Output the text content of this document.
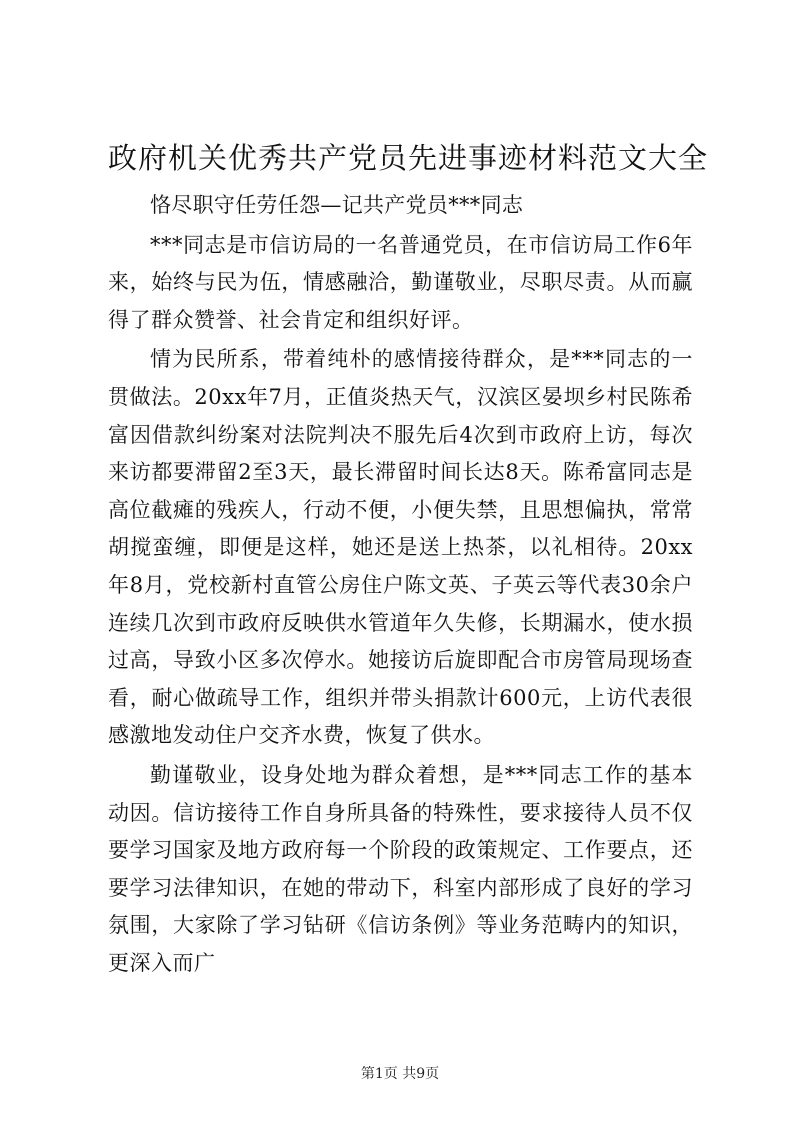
政府机关优秀共产党员先进事迹材料范文大全

恪尽职守任劳任怨—记共产党员***同志

***同志是市信访局的一名普通党员，在市信访局工作6年来，始终与民为伍，情感融洽，勤谨敬业，尽职尽责。从而赢得了群众赞誉、社会肯定和组织好评。

情为民所系，带着纯朴的感情接待群众，是***同志的一贯做法。20xx年7月，正值炎热天气，汉滨区晏坝乡村民陈希富因借款纠纷案对法院判决不服先后4次到市政府上访，每次来访都要滞留2至3天，最长滞留时间长达8天。陈希富同志是高位截瘫的残疾人，行动不便，小便失禁，且思想偏执，常常胡搅蛮缠，即便是这样，她还是送上热茶，以礼相待。20xx年8月，党校新村直管公房住户陈文英、子英云等代表30余户连续几次到市政府反映供水管道年久失修，长期漏水，使水损过高，导致小区多次停水。她接访后旋即配合市房管局现场查看，耐心做疏导工作，组织并带头捐款计600元，上访代表很感激地发动住户交齐水费，恢复了供水。

勤谨敬业，设身处地为群众着想，是***同志工作的基本动因。信访接待工作自身所具备的特殊性，要求接待人员不仅要学习国家及地方政府每一个阶段的政策规定、工作要点，还要学习法律知识，在她的带动下，科室内部形成了良好的学习氛围，大家除了学习钻研《信访条例》等业务范畴内的知识，更深入而广

第1页 共9页
